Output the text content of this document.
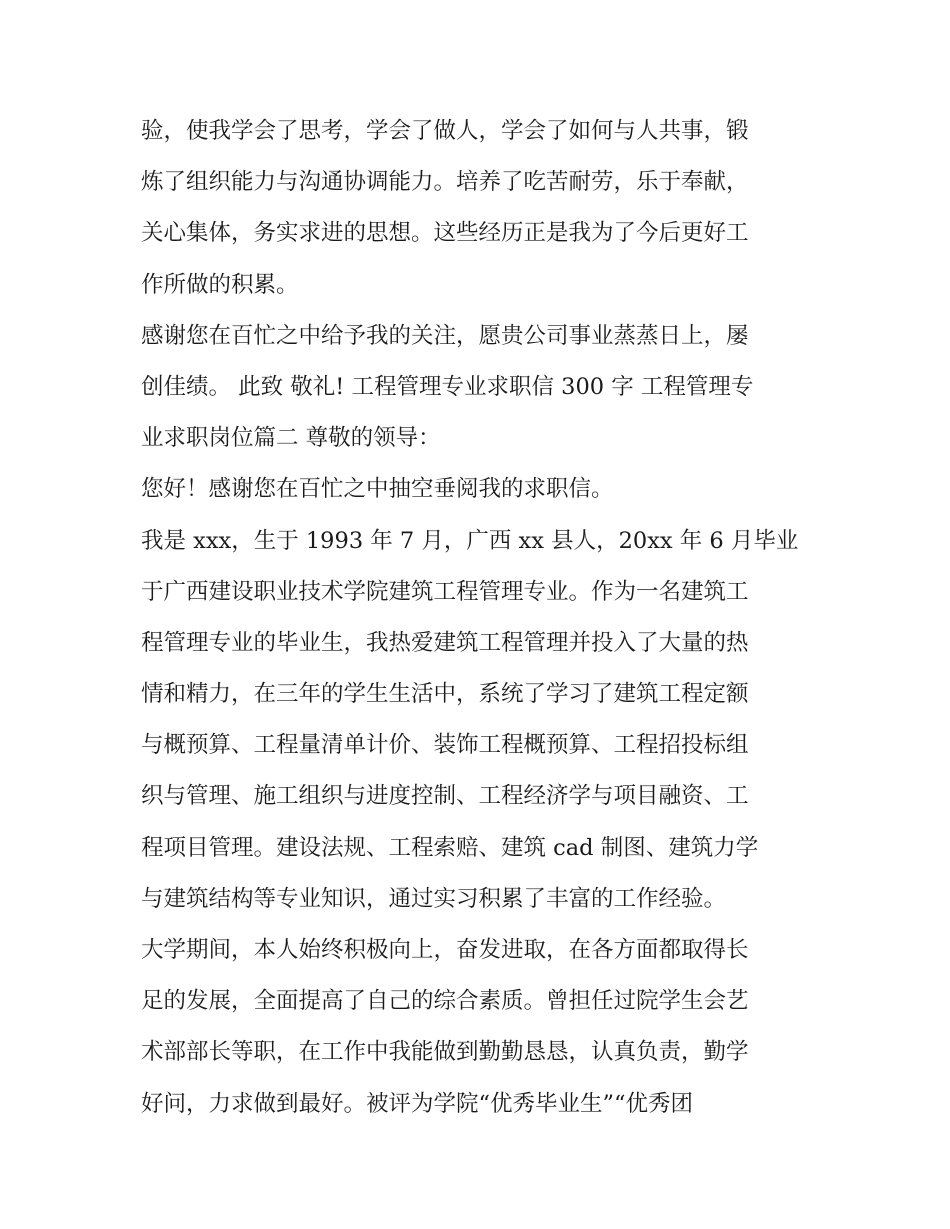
验，使我学会了思考，学会了做人，学会了如何与人共事，锻
炼了组织能力与沟通协调能力。培养了吃苦耐劳，乐于奉献，
关心集体，务实求进的思想。这些经历正是我为了今后更好工
作所做的积累。
感谢您在百忙之中给予我的关注，愿贵公司事业蒸蒸日上，屡
创佳绩。 此致 敬礼! 工程管理专业求职信 300 字 工程管理专
业求职岗位篇二 尊敬的领导：
您好！感谢您在百忙之中抽空垂阅我的求职信。
我是 xxx，生于 1993 年 7 月，广西 xx 县人，20xx 年 6 月毕业
于广西建设职业技术学院建筑工程管理专业。作为一名建筑工
程管理专业的毕业生，我热爱建筑工程管理并投入了大量的热
情和精力，在三年的学生生活中，系统了学习了建筑工程定额
与概预算、工程量清单计价、装饰工程概预算、工程招投标组
织与管理、施工组织与进度控制、工程经济学与项目融资、工
程项目管理。建设法规、工程索赔、建筑 cad 制图、建筑力学
与建筑结构等专业知识，通过实习积累了丰富的工作经验。
大学期间，本人始终积极向上，奋发进取，在各方面都取得长
足的发展，全面提高了自己的综合素质。曾担任过院学生会艺
术部部长等职，在工作中我能做到勤勤恳恳，认真负责，勤学
好问，力求做到最好。被评为学院“优秀毕业生”“优秀团
